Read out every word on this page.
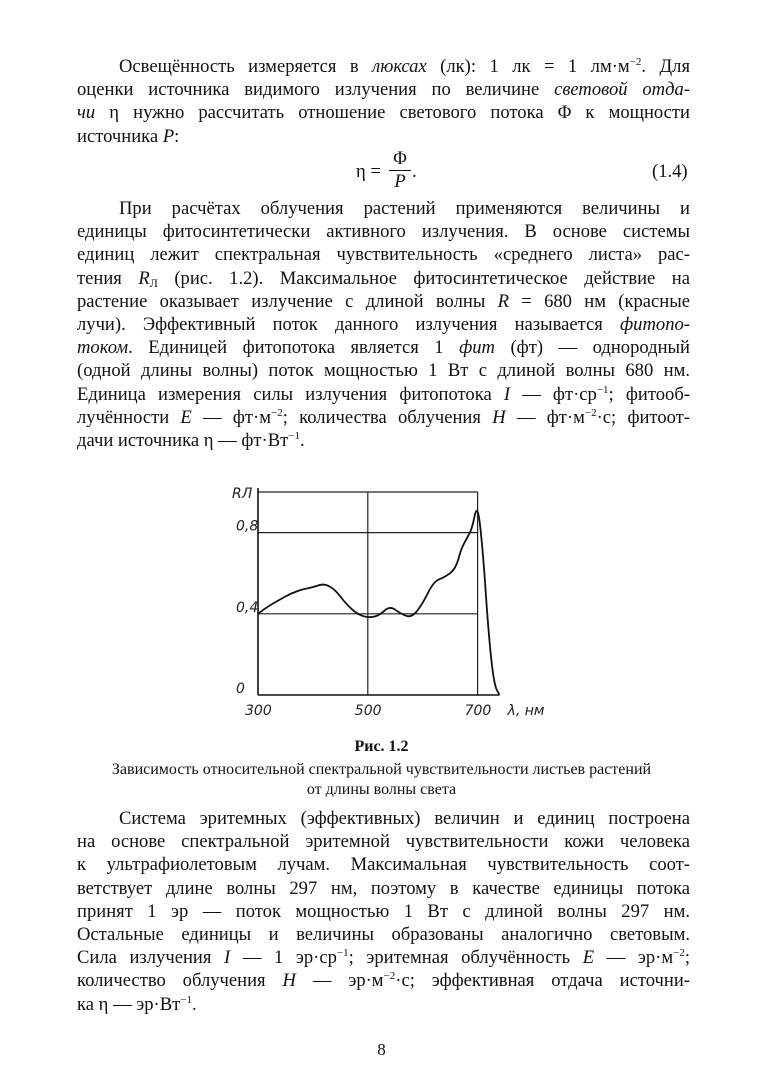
Освещённость измеряется в люксах (лк): 1 лк = 1 $лм\cdot м^{-2}$. Для
оценки источника видимого излучения по величине световой отда-
чи η нужно рассчитать отношение светового потока Φ к мощности
источника P:
η =
Φ
P .	(1.4)
При расчётах облучения растений применяются величины и
единицы фитосинтетически активного излучения. В основе системы
единиц лежит спектральная чувствительность «среднего листа» рас-
тения $R_Л$ (рис. 1.2). Максимальное фитосинтетическое действие на
растение оказывает излучение с длиной волны R = 680 нм (красные
лучи). Эффективный поток данного излучения называется фитопо-
током. Единицей фитопотока является 1 фит (фт) — однородный
(одной длины волны) поток мощностью 1 Вт с длиной волны 680 нм.
Единица измерения силы излучения фитопотока I — $фт\cdot ср^{-1}$; фитооб-
лучённости E — $фт\cdot м^{-2}$; количества облучения H — $фт\cdot м^{-2}\cdot с$; фитоот-
дачи источника η — $фт\cdot Вт^{-1}$.
0
0,4
0,8
RЛ
300	500	700 λ, нм
Рис. 1.2
Зависимость относительной спектральной чувствительности листьев растений
от длины волны света
Система эритемных (эффективных) величин и единиц построена
на основе спектральной эритемной чувствительности кожи человека
к ультрафиолетовым лучам. Максимальная чувствительность соот-
ветствует длине волны 297 нм, поэтому в качестве единицы потока
принят 1 эр — поток мощностью 1 Вт с длиной волны 297 нм.
Остальные единицы и величины образованы аналогично световым.
Сила излучения I — 1 $эр\cdot ср^{-1}$; эритемная облучённость E — $эр\cdot м^{-2}$;
количество облучения H — $эр\cdot м^{-2}\cdot с$; эффективная отдача источни-
ка η — $эр\cdot Вт^{-1}$.
8
